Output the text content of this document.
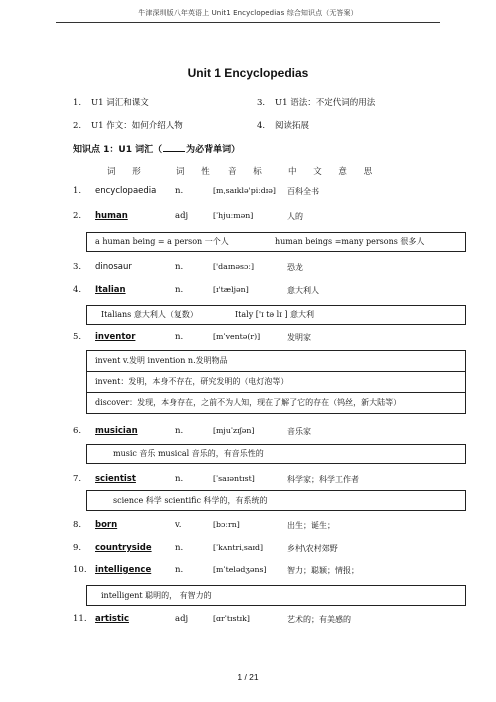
牛津深圳版八年英语上 Unit1 Encyclopedias 综合知识点（无答案）
Unit 1 Encyclopedias
1. U1 词汇和课文	3. U1 语法：不定代词的用法
2. U1 作文：如何介绍人物	4. 阅读拓展
知识点 1：U1 词汇（	为必背单词）
词 形	词 性 音 标 中 文 意 思
1. encyclopaedia n.	[mˌsaɪklə'piːdɪə] 百科全书
2. human	adj	[ˈhjuːmən]	人的
a human being = a person 一个人	human beings =many persons 很多人
3. dinosaur	n.	['daɪnəsɔː]	恐龙
4. Italian	n.	[ɪ'tæljən]	意大利人
Italians 意大利人（复数）	Italy ['ɪ tə lɪ ] 意大利
5. inventor	n.	[mˈventə(r)]	发明家
invent v.发明 invention n.发明物品
invent：发明，本身不存在，研究发明的（电灯泡等）
discover：发现，本身存在，之前不为人知，现在了解了它的存在（钨丝，新大陆等）
6. musician	n.	[mjuˈzɪʃən]	音乐家
music 音乐 musical 音乐的，有音乐性的
7. scientist	n.	[ˈsaɪəntɪst]	科学家；科学工作者
science 科学 scientific 科学的，有系统的
8. born	v.	[bɔːrn]	出生；诞生；
9. countryside	n.	[ˈkʌntriˌsaɪd]	乡村\农村郊野
10. intelligence	n.	[mˈtelədʒəns]	智力；聪颖；情报；
intelligent 聪明的， 有智力的
11. artistic	adj	[ɑrˈtɪstɪk]	艺术的；有美感的
1 / 21
